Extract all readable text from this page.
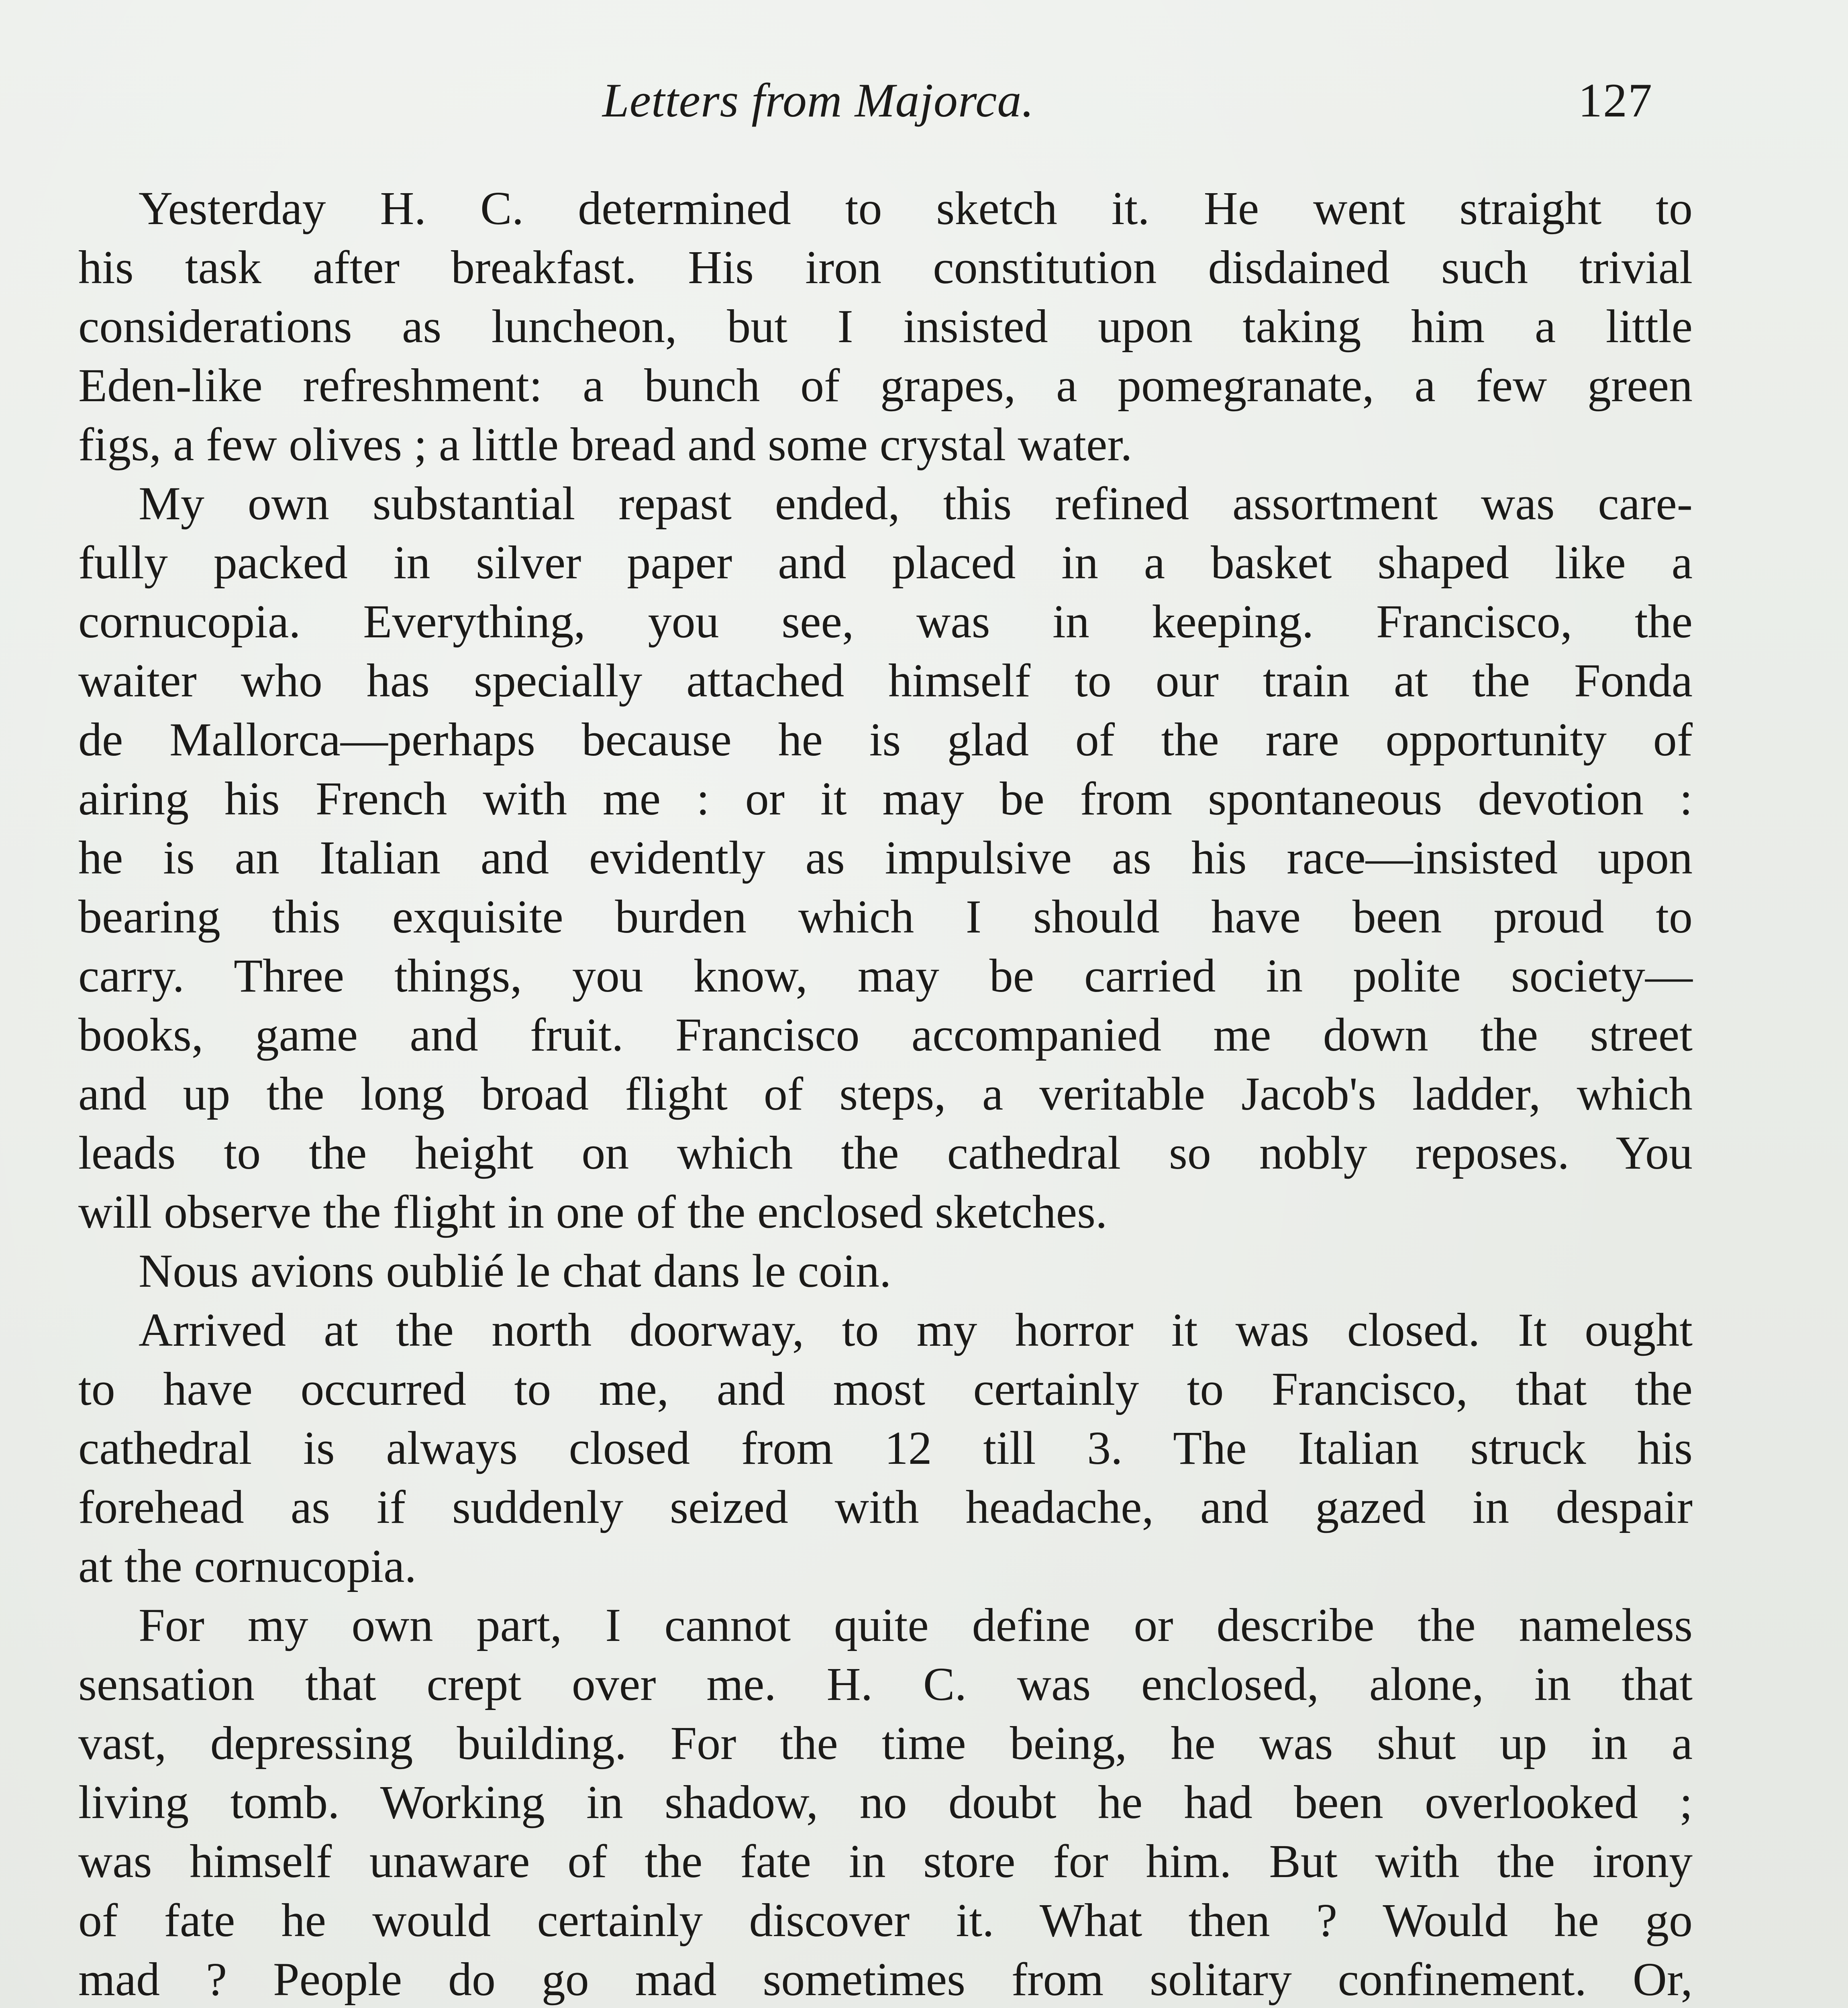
Letters from Majorca.	127
Yesterday H. C. determined to sketch it. He went straight to
his task after breakfast. His iron constitution disdained such trivial
considerations as luncheon, but I insisted upon taking him a little
Eden-like refreshment: a bunch of grapes, a pomegranate, a few green
figs, a few olives ; a little bread and some crystal water.
My own substantial repast ended, this refined assortment was care-
fully packed in silver paper and placed in a basket shaped like a
cornucopia. Everything, you see, was in keeping. Francisco, the
waiter who has specially attached himself to our train at the Fonda
de Mallorca—perhaps because he is glad of the rare opportunity of
airing his French with me : or it may be from spontaneous devotion :
he is an Italian and evidently as impulsive as his race—insisted upon
bearing this exquisite burden which I should have been proud to
carry. Three things, you know, may be carried in polite society—
books, game and fruit. Francisco accompanied me down the street
and up the long broad flight of steps, a veritable Jacob's ladder, which
leads to the height on which the cathedral so nobly reposes. You
will observe the flight in one of the enclosed sketches.
Nous avions oublié le chat dans le coin.
Arrived at the north doorway, to my horror it was closed. It ought
to have occurred to me, and most certainly to Francisco, that the
cathedral is always closed from 12 till 3. The Italian struck his
forehead as if suddenly seized with headache, and gazed in despair
at the cornucopia.
For my own part, I cannot quite define or describe the nameless
sensation that crept over me. H. C. was enclosed, alone, in that
vast, depressing building. For the time being, he was shut up in a
living tomb. Working in shadow, no doubt he had been overlooked ;
was himself unaware of the fate in store for him. But with the irony
of fate he would certainly discover it. What then ? Would he go
mad ? People do go mad sometimes from solitary confinement. Or,
